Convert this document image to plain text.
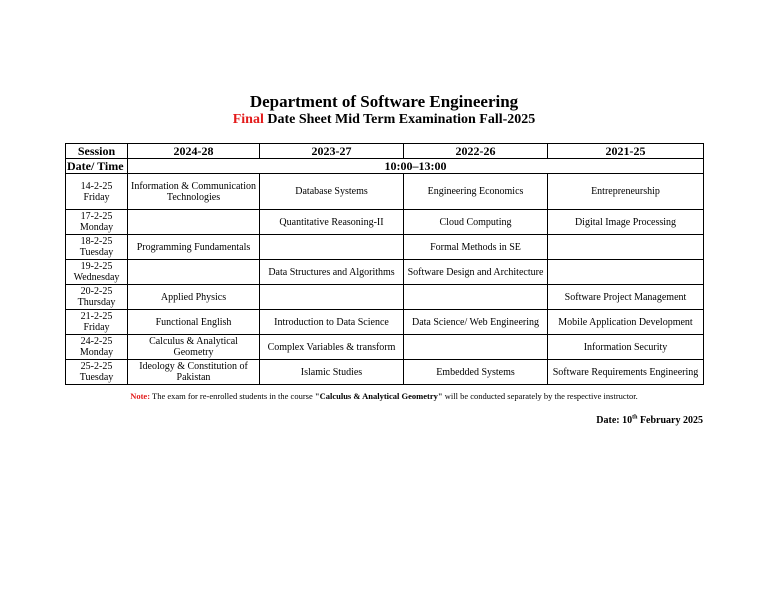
Department of Software Engineering
Final Date Sheet Mid Term Examination Fall-2025
Session	2024-28	2023-27	2022-26	2021-25
Date/ Time	10:00–13:00			

14-2-25
Friday	Information & Communication Technologies	Database Systems	Engineering Economics	Entrepreneurship

17-2-25
Monday		Quantitative Reasoning-II	Cloud Computing	Digital Image Processing

18-2-25
Tuesday	Programming Fundamentals		Formal Methods in SE	

19-2-25
Wednesday		Data Structures and Algorithms	Software Design and Architecture	

20-2-25
Thursday	Applied Physics			Software Project Management

21-2-25
Friday	Functional English	Introduction to Data Science	Data Science/ Web Engineering	Mobile Application Development

24-2-25
Monday	Calculus & Analytical Geometry	Complex Variables & transform		Information Security

25-2-25
Tuesday	Ideology & Constitution of Pakistan	Islamic Studies	Embedded Systems	Software Requirements Engineering
Note: The exam for re-enrolled students in the course "Calculus & Analytical Geometry" will be conducted separately by the respective instructor.
Date: 10th February 2025
